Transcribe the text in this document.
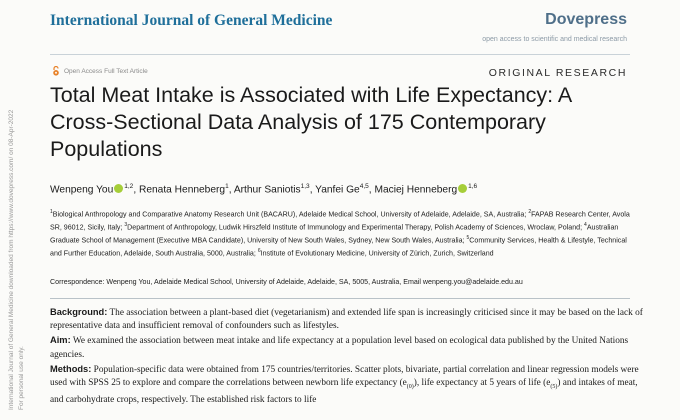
International Journal of General Medicine	Dovepress
open access to scientific and medical research
Open Access Full Text Article	ORIGINAL RESEARCH
Total Meat Intake is Associated with Life Expectancy: A Cross-Sectional Data Analysis of 175 Contemporary Populations
Wenpeng You $^{1,2}$, Renata Henneberg$^1$, Arthur Saniotis$^{1,3}$, Yanfei Ge$^{4,5}$, Maciej Henneberg $^{1,6}$
$^1$Biological Anthropology and Comparative Anatomy Research Unit (BACARU), Adelaide Medical School, University of Adelaide, Adelaide, SA, Australia; $^2$FAPAB Research Center, Avola SR, 96012, Sicily, Italy; $^3$Department of Anthropology, Ludwik Hirszfeld Institute of Immunology and Experimental Therapy, Polish Academy of Sciences, Wroclaw, Poland; $^4$Australian Graduate School of Management (Executive MBA Candidate), University of New South Wales, Sydney, New South Wales, Australia; $^5$Community Services, Health & Lifestyle, Technical and Further Education, Adelaide, South Australia, 5000, Australia; $^6$Institute of Evolutionary Medicine, University of Zürich, Zurich, Switzerland
Correspondence: Wenpeng You, Adelaide Medical School, University of Adelaide, Adelaide, SA, 5005, Australia, Email wenpeng.you@adelaide.edu.au

Background: The association between a plant-based diet (vegetarianism) and extended life span is increasingly criticised since it may be based on the lack of representative data and insufficient removal of confounders such as lifestyles.

Aim: We examined the association between meat intake and life expectancy at a population level based on ecological data published by the United Nations agencies.

Methods: Population-specific data were obtained from 175 countries/territories. Scatter plots, bivariate, partial correlation and linear regression models were used with SPSS 25 to explore and compare the correlations between newborn life expectancy $(e_{(0)})$, life expectancy at 5 years of life $(e_{(5)})$ and intakes of meat, and carbohydrate crops, respectively. The established risk factors to life

International Journal of General Medicine downloaded from https://www.dovepress.com/ on 08-Apr-2022 For personal use only.
